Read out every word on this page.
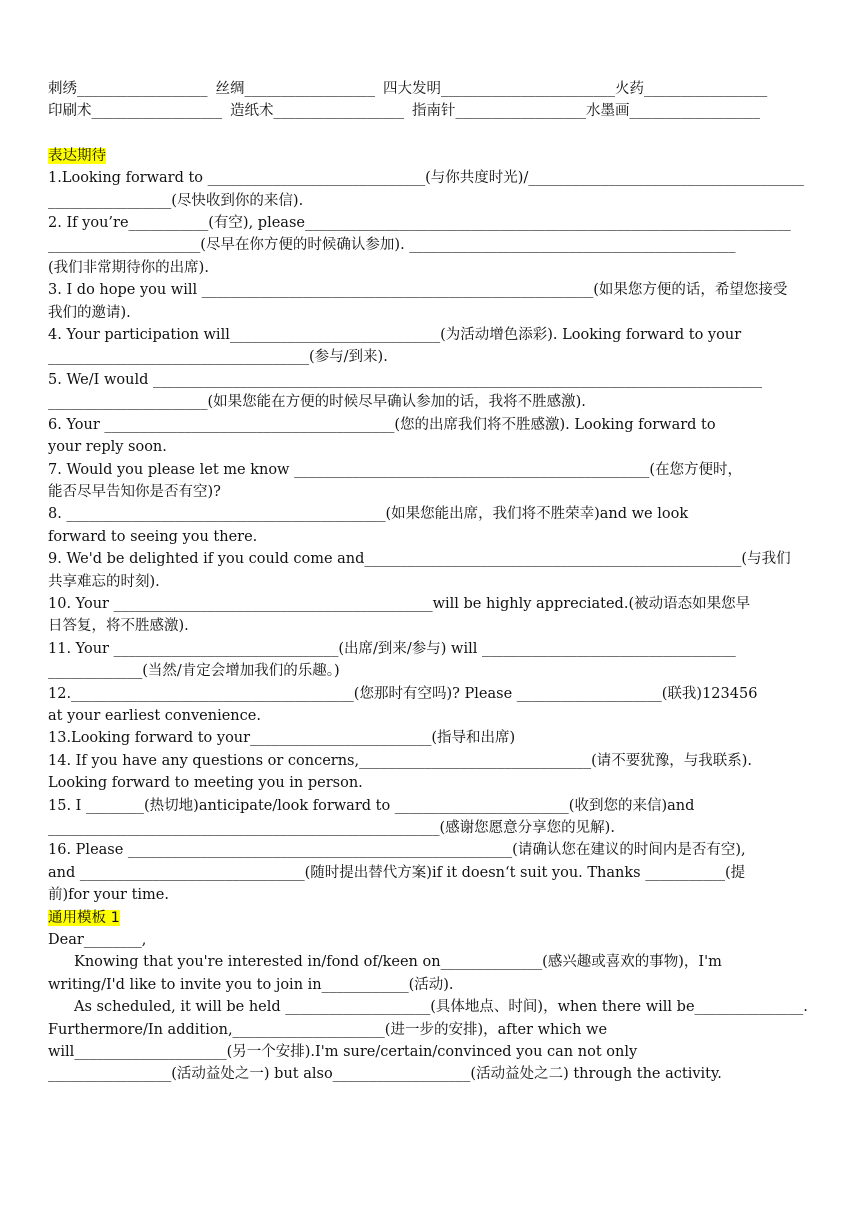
刺绣__________________ 丝绸__________________ 四大发明________________________火药_________________
印刷术__________________ 造纸术__________________ 指南针__________________水墨画__________________
表达期待
1.Looking forward to ______________________________(与你共度时光)/______________________________________
_________________(尽快收到你的来信).
2. If you’re___________(有空), please___________________________________________________________________
_____________________(尽早在你方便的时候确认参加). _____________________________________________
(我们非常期待你的出席).
3. I do hope you will ______________________________________________________(如果您方便的话，希望您接受
我们的邀请).
4. Your participation will_____________________________(为活动增色添彩). Looking forward to your
____________________________________(参与/到来).
5. We/I would ____________________________________________________________________________________
______________________(如果您能在方便的时候尽早确认参加的话，我将不胜感激).
6. Your ________________________________________(您的出席我们将不胜感激). Looking forward to
your reply soon.
7. Would you please let me know _________________________________________________(在您方便时，
能否尽早告知你是否有空)?
8. ____________________________________________(如果您能出席，我们将不胜荣幸)and we look
forward to seeing you there.
9. We'd be delighted if you could come and____________________________________________________(与我们
共享难忘的时刻).
10. Your ____________________________________________will be highly appreciated.(被动语态如果您早
日答复，将不胜感激).
11. Your _______________________________(出席/到来/参与) will ___________________________________
_____________(当然/肯定会增加我们的乐趣。)
12._______________________________________(您那时有空吗)? Please ____________________(联我)123456
at your earliest convenience.
13.Looking forward to your_________________________(指导和出席)
14. If you have any questions or concerns,________________________________(请不要犹豫，与我联系).
Looking forward to meeting you in person.
15. I ________(热切地)anticipate/look forward to ________________________(收到您的来信)and
______________________________________________________(感谢您愿意分享您的见解).
16. Please _____________________________________________________(请确认您在建议的时间内是否有空),
and _______________________________(随时提出替代方案)if it doesn‘t suit you. Thanks ___________(提
前)for your time.
通用模板 1
Dear________,
Knowing that you're interested in/fond of/keen on______________(感兴趣或喜欢的事物)，I'm
writing/I'd like to invite you to join in____________(活动).
As scheduled, it will be held ____________________(具体地点、时间)，when there will be_______________.
Furthermore/In addition,_____________________(进一步的安排)，after which we
will_____________________(另一个安排).I'm sure/certain/convinced you can not only
_________________(活动益处之一) but also___________________(活动益处之二) through the activity.
